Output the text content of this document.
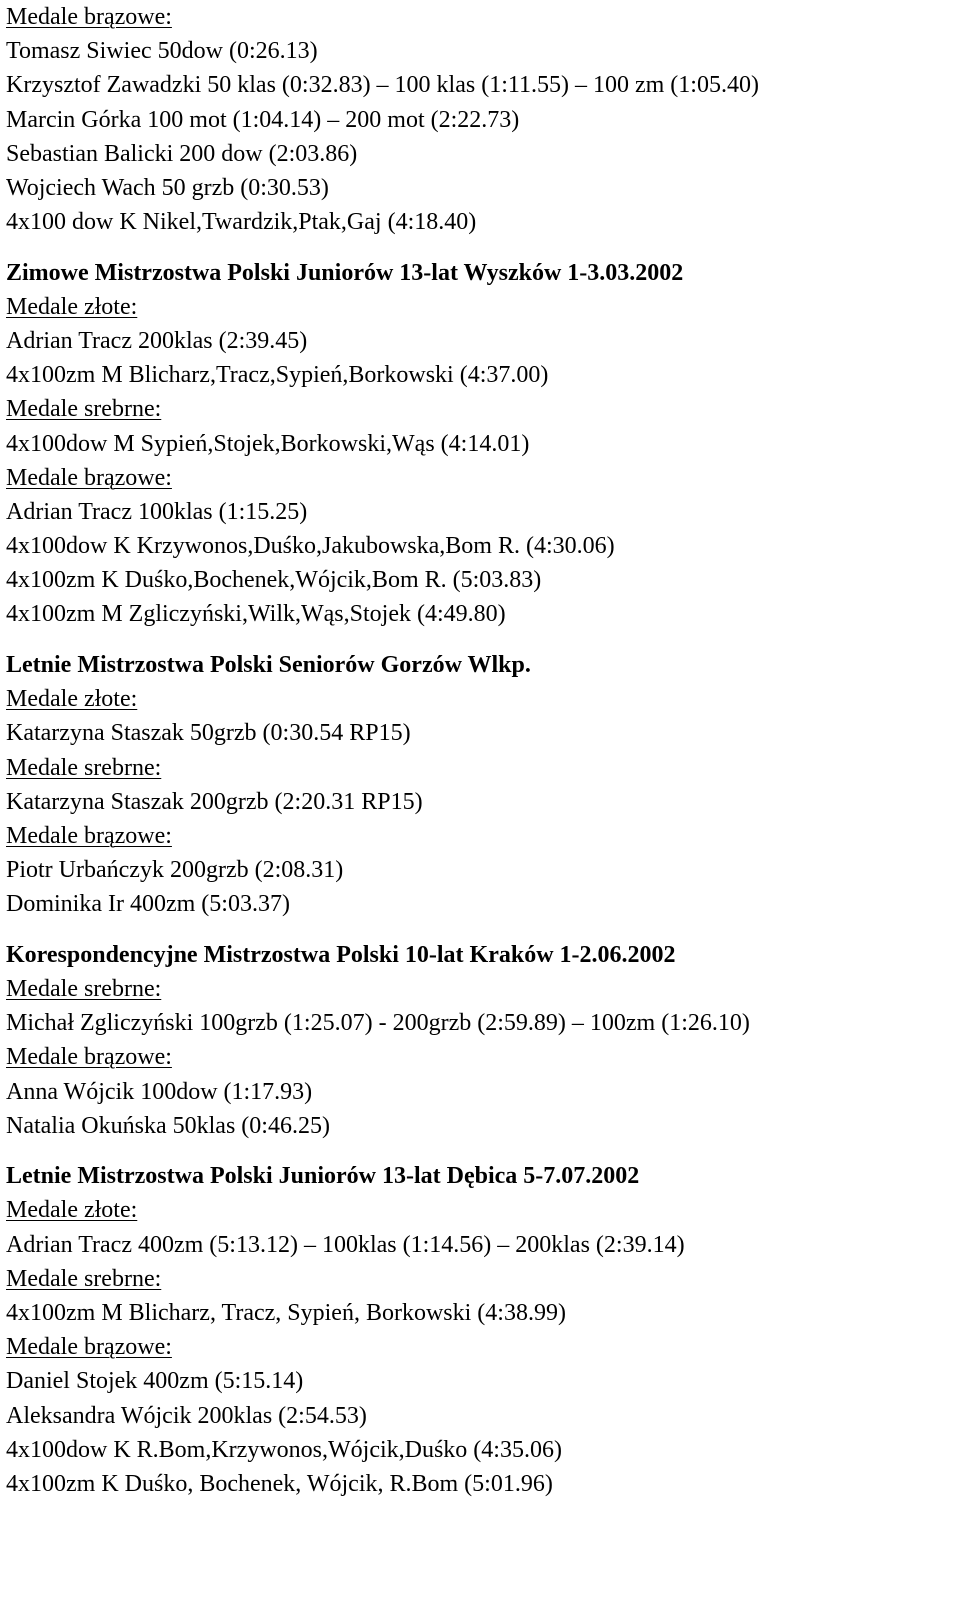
Medale brązowe:
Tomasz Siwiec 50dow (0:26.13)
Krzysztof Zawadzki 50 klas (0:32.83) – 100 klas (1:11.55) – 100 zm (1:05.40)
Marcin Górka 100 mot (1:04.14) – 200 mot (2:22.73)
Sebastian Balicki 200 dow (2:03.86)
Wojciech Wach 50 grzb (0:30.53)
4x100 dow K Nikel,Twardzik,Ptak,Gaj (4:18.40)
Zimowe Mistrzostwa Polski Juniorów 13-lat Wyszków 1-3.03.2002
Medale złote:
Adrian Tracz 200klas (2:39.45)
4x100zm M Blicharz,Tracz,Sypień,Borkowski (4:37.00)
Medale srebrne:
4x100dow M Sypień,Stojek,Borkowski,Wąs (4:14.01)
Medale brązowe:
Adrian Tracz 100klas (1:15.25)
4x100dow K Krzywonos,Duśko,Jakubowska,Bom R. (4:30.06)
4x100zm K Duśko,Bochenek,Wójcik,Bom R. (5:03.83)
4x100zm M Zgliczyński,Wilk,Wąs,Stojek (4:49.80)
Letnie Mistrzostwa Polski Seniorów Gorzów Wlkp.
Medale złote:
Katarzyna Staszak 50grzb (0:30.54 RP15)
Medale srebrne:
Katarzyna Staszak 200grzb (2:20.31 RP15)
Medale brązowe:
Piotr Urbańczyk 200grzb (2:08.31)
Dominika Ir 400zm (5:03.37)
Korespondencyjne Mistrzostwa Polski 10-lat Kraków 1-2.06.2002
Medale srebrne:
Michał Zgliczyński 100grzb (1:25.07) - 200grzb (2:59.89) – 100zm (1:26.10)
Medale brązowe:
Anna Wójcik 100dow (1:17.93)
Natalia Okuńska 50klas (0:46.25)
Letnie Mistrzostwa Polski Juniorów 13-lat Dębica 5-7.07.2002
Medale złote:
Adrian Tracz 400zm (5:13.12) – 100klas (1:14.56) – 200klas (2:39.14)
Medale srebrne:
4x100zm M Blicharz, Tracz, Sypień, Borkowski (4:38.99)
Medale brązowe:
Daniel Stojek 400zm (5:15.14)
Aleksandra Wójcik 200klas (2:54.53)
4x100dow K R.Bom,Krzywonos,Wójcik,Duśko (4:35.06)
4x100zm K Duśko, Bochenek, Wójcik, R.Bom (5:01.96)
